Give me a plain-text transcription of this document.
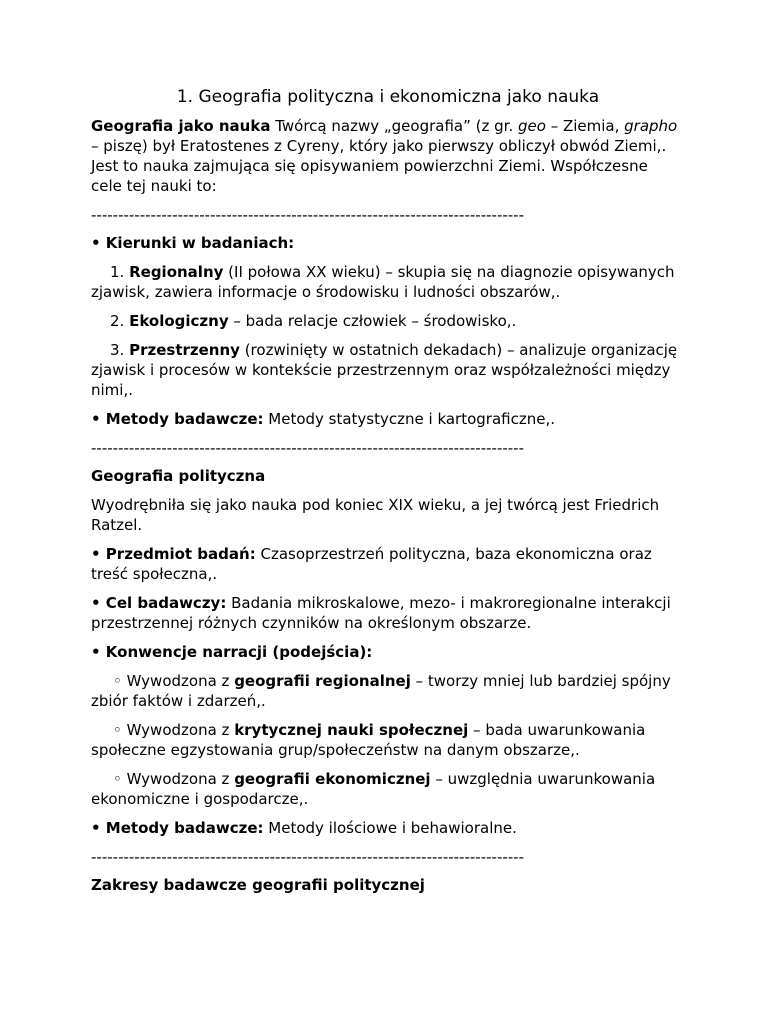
1. Geografia polityczna i ekonomiczna jako nauka

Geografia jako nauka Twórcą nazwy „geografia” (z gr. geo – Ziemia, grapho – piszę) był Eratostenes z Cyreny, który jako pierwszy obliczył obwód Ziemi,. Jest to nauka zajmująca się opisywaniem powierzchni Ziemi. Współczesne cele tej nauki to:

--------------------------------------------------------------------------------

• Kierunki w badaniach:

1. Regionalny (II połowa XX wieku) – skupia się na diagnozie opisywanych zjawisk, zawiera informacje o środowisku i ludności obszarów,.

2. Ekologiczny – bada relacje człowiek – środowisko,.

3. Przestrzenny (rozwinięty w ostatnich dekadach) – analizuje organizację zjawisk i procesów w kontekście przestrzennym oraz współzależności między nimi,.

• Metody badawcze: Metody statystyczne i kartograficzne,.

--------------------------------------------------------------------------------

Geografia polityczna

Wyodrębniła się jako nauka pod koniec XIX wieku, a jej twórcą jest Friedrich Ratzel.

• Przedmiot badań: Czasoprzestrzeń polityczna, baza ekonomiczna oraz treść społeczna,.

• Cel badawczy: Badania mikroskalowe, mezo- i makroregionalne interakcji przestrzennej różnych czynników na określonym obszarze.

• Konwencje narracji (podejścia):

◦ Wywodzona z geografii regionalnej – tworzy mniej lub bardziej spójny zbiór faktów i zdarzeń,.

◦ Wywodzona z krytycznej nauki społecznej – bada uwarunkowania społeczne egzystowania grup/społeczeństw na danym obszarze,.

◦ Wywodzona z geografii ekonomicznej – uwzględnia uwarunkowania ekonomiczne i gospodarcze,.

• Metody badawcze: Metody ilościowe i behawioralne.

--------------------------------------------------------------------------------

Zakresy badawcze geografii politycznej
